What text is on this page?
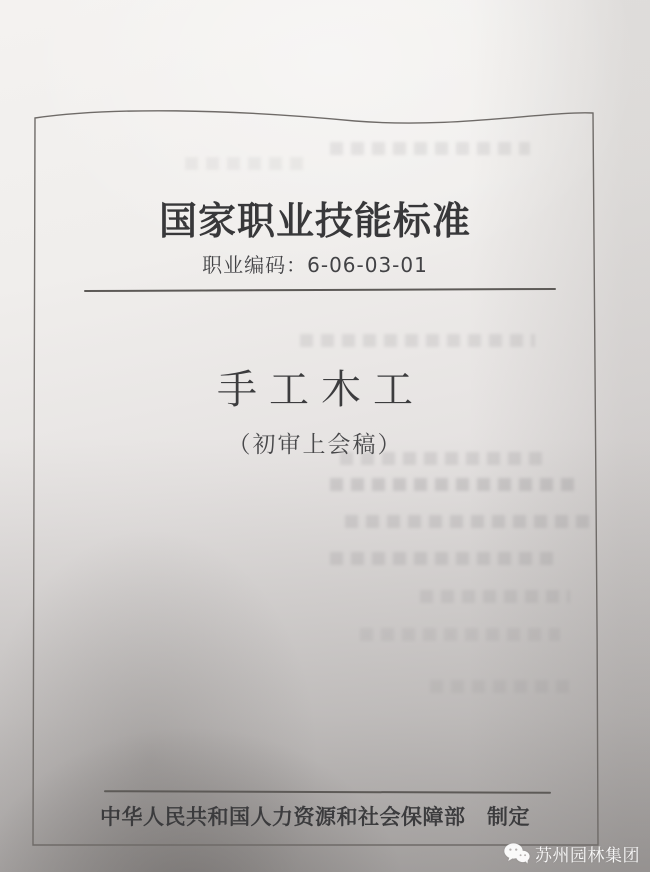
国家职业技能标准
职业编码：6-06-03-01
手工木工
（初审上会稿）
中华人民共和国人力资源和社会保障部　制定
苏州园林集团
